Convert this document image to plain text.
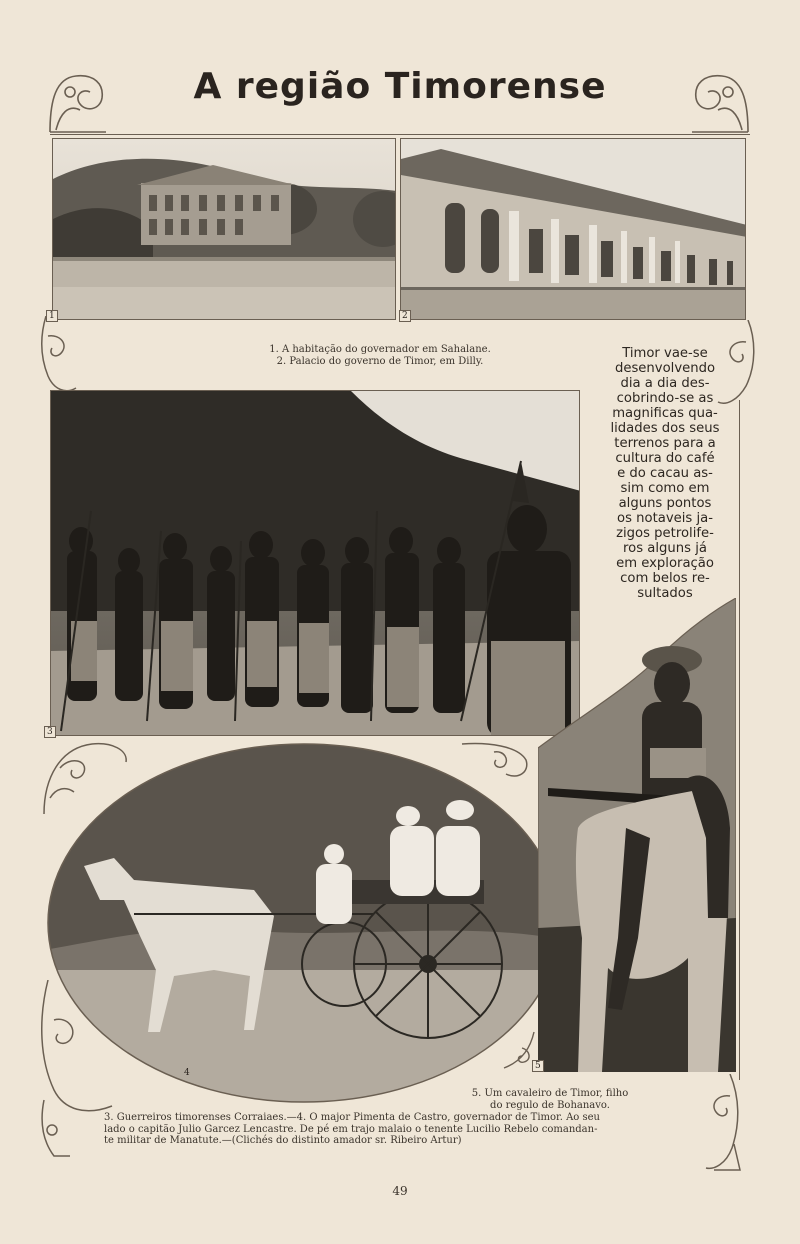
A região Timorense
1	2
1. A habitação do governador em Sahalane.
2. Palacio do governo de Timor, em Dilly.
Timor vae-se
desenvolvendo
dia a dia des-
cobrindo-se as
magnificas qua-
lidades dos seus
terrenos para a
cultura do café
e do cacau as-
sim como em
alguns pontos
os notaveis ja-
zigos petrolife-
ros alguns já
em exploração
com belos re-
sultados
3
4
5
5. Um cavaleiro de Timor, filho
do regulo de Bohanavo.
3. Guerreiros timorenses Corraiaes.—4. O major Pimenta de Castro, governador de Timor. Ao seu
lado o capitão Julio Garcez Lencastre. De pé em trajo malaio o tenente Lucilio Rebelo comandan-
te militar de Manatute.—(Clichés do distinto amador sr. Ribeiro Artur)
49
